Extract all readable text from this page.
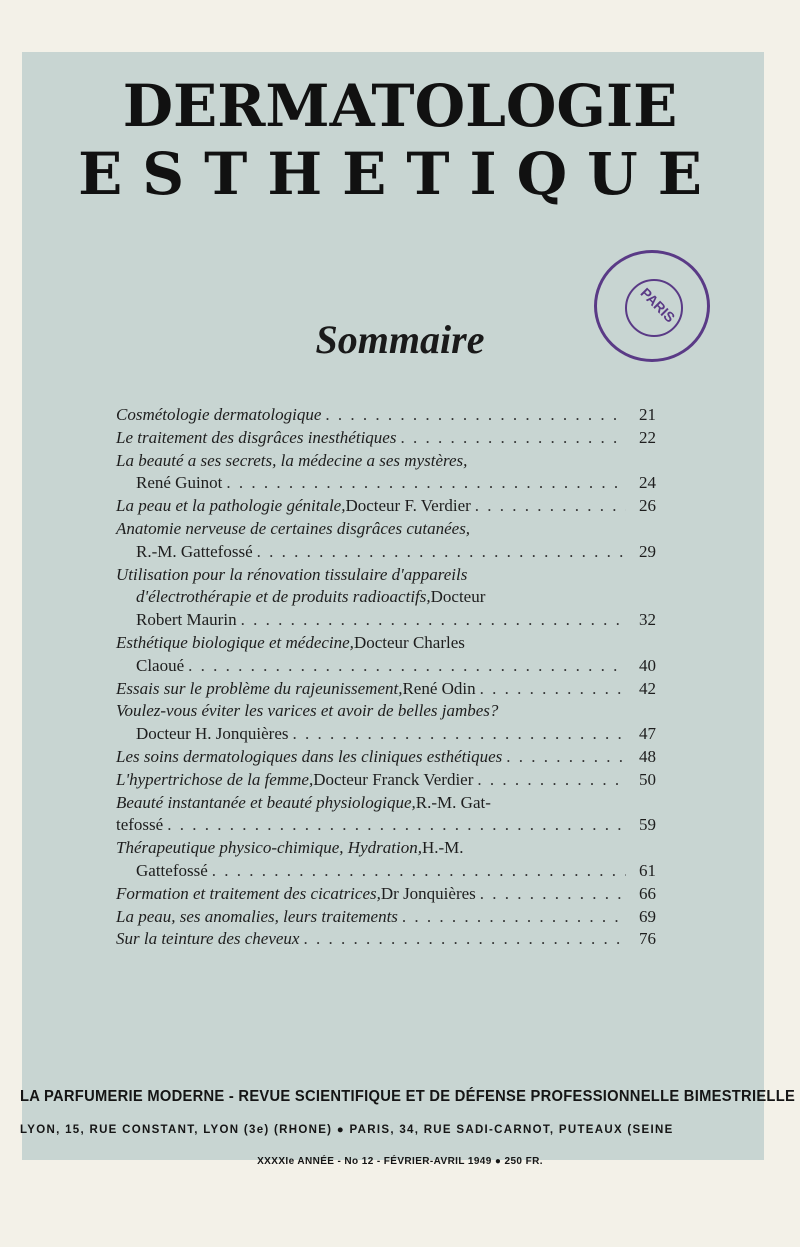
DERMATOLOGIE
ESTHETIQUE
PARIS
Sommaire
Cosmétologie dermatologique . . .	21
Le traitement des disgrâces inesthétiques . . .	22
La beauté a ses secrets, la médecine a ses mystères,
René Guinot . . .	24
La peau et la pathologie génitale, Docteur F. Verdier . . .	26
Anatomie nerveuse de certaines disgrâces cutanées,
R.-M. Gattefossé . . .	29
Utilisation pour la rénovation tissulaire d'appareils
d'électrothérapie et de produits radioactifs, Docteur
Robert Maurin . . .	32
Esthétique biologique et médecine, Docteur Charles
Claoué . . .	40
Essais sur le problème du rajeunissement, René Odin . . .	42
Voulez-vous éviter les varices et avoir de belles jambes?
Docteur H. Jonquières . . .	47
Les soins dermatologiques dans les cliniques esthétiques . . .	48
L'hypertrichose de la femme, Docteur Franck Verdier . . .	50
Beauté instantanée et beauté physiologique, R.-M. Gat-
tefossé . . .	59
Thérapeutique physico-chimique, Hydration, H.-M.
Gattefossé . . .	61
Formation et traitement des cicatrices, Dr Jonquières . . .	66
La peau, ses anomalies, leurs traitements . . .	69
Sur la teinture des cheveux . . .	76
LA PARFUMERIE MODERNE - REVUE SCIENTIFIQUE ET DE DÉFENSE PROFESSIONNELLE BIMESTRIELLE
LYON, 15, RUE CONSTANT, LYON (3e) (RHONE) ● PARIS, 34, RUE SADI-CARNOT, PUTEAUX (SEINE
XXXXIe ANNÉE - No 12 - FÉVRIER-AVRIL 1949 ● 250 FR.
